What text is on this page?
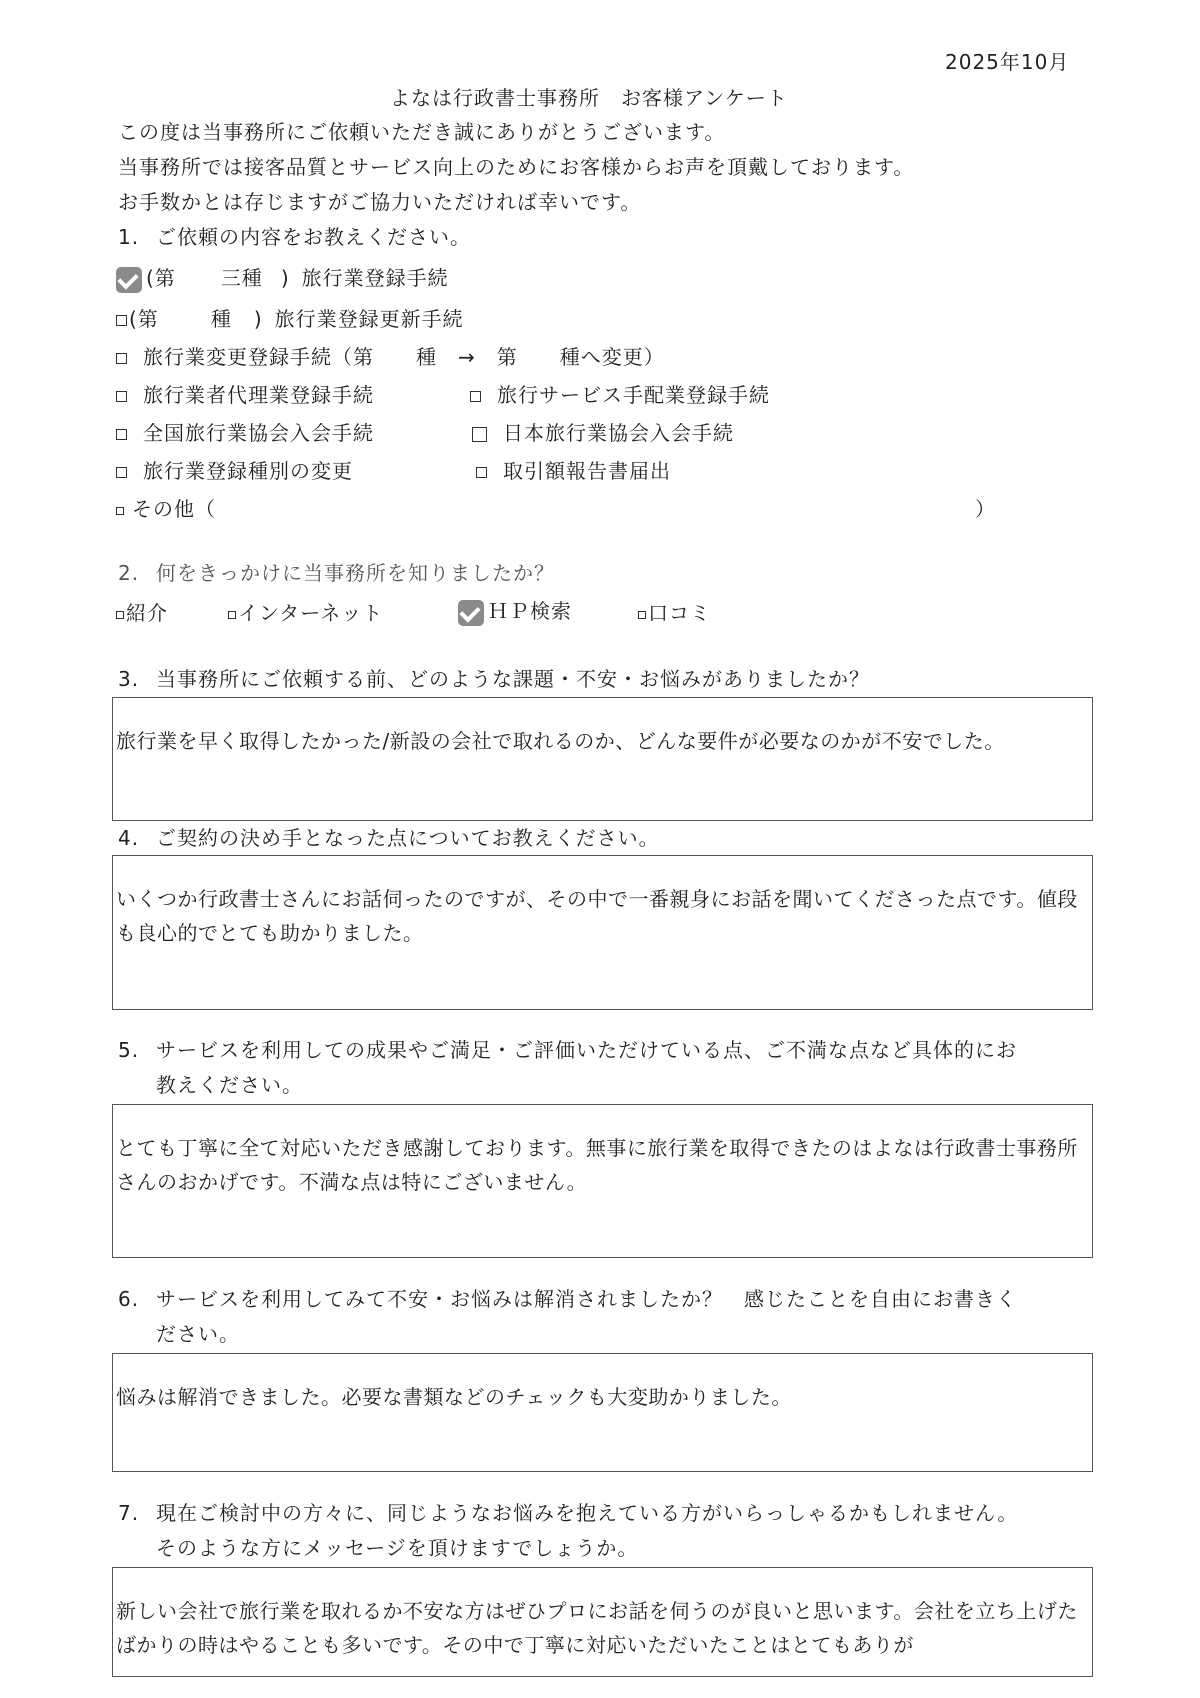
2025年10月
よなは行政書士事務所　お客様アンケート
この度は当事務所にご依頼いただき誠にありがとうございます。
当事務所では接客品質とサービス向上のためにお客様からお声を頂戴しております。
お手数かとは存じますがご協力いただければ幸いです。
1. ご依頼の内容をお教えください。
(第 三種 ) 旅行業登録手続
(第	種 ) 旅行業登録更新手続
旅行業変更登録手続（第　　種　→　第　　種へ変更）
旅行業者代理業登録手続	旅行サービス手配業登録手続
全国旅行業協会入会手続	日本旅行業協会入会手続
旅行業登録種別の変更	取引額報告書届出
その他（	）
2. 何をきっかけに当事務所を知りましたか？
紹介	インターネット	ＨＰ検索	口コミ
3. 当事務所にご依頼する前、どのような課題・不安・お悩みがありましたか？
旅行業を早く取得したかった/新設の会社で取れるのか、どんな要件が必要なのかが不安でした。
4. ご契約の決め手となった点についてお教えください。
いくつか行政書士さんにお話伺ったのですが、その中で一番親身にお話を聞いてくださった点です。値段も良心的でとても助かりました。
5. サービスを利用しての成果やご満足・ご評価いただけている点、ご不満な点など具体的にお
教えください。
とても丁寧に全て対応いただき感謝しております。無事に旅行業を取得できたのはよなは行政書士事務所さんのおかげです。不満な点は特にございません。
6. サービスを利用してみて不安・お悩みは解消されましたか？　感じたことを自由にお書きく
ださい。
悩みは解消できました。必要な書類などのチェックも大変助かりました。
7. 現在ご検討中の方々に、同じようなお悩みを抱えている方がいらっしゃるかもしれません。
そのような方にメッセージを頂けますでしょうか。
新しい会社で旅行業を取れるか不安な方はぜひプロにお話を伺うのが良いと思います。会社を立ち上げたばかりの時はやることも多いです。その中で丁寧に対応いただいたことはとてもありが
